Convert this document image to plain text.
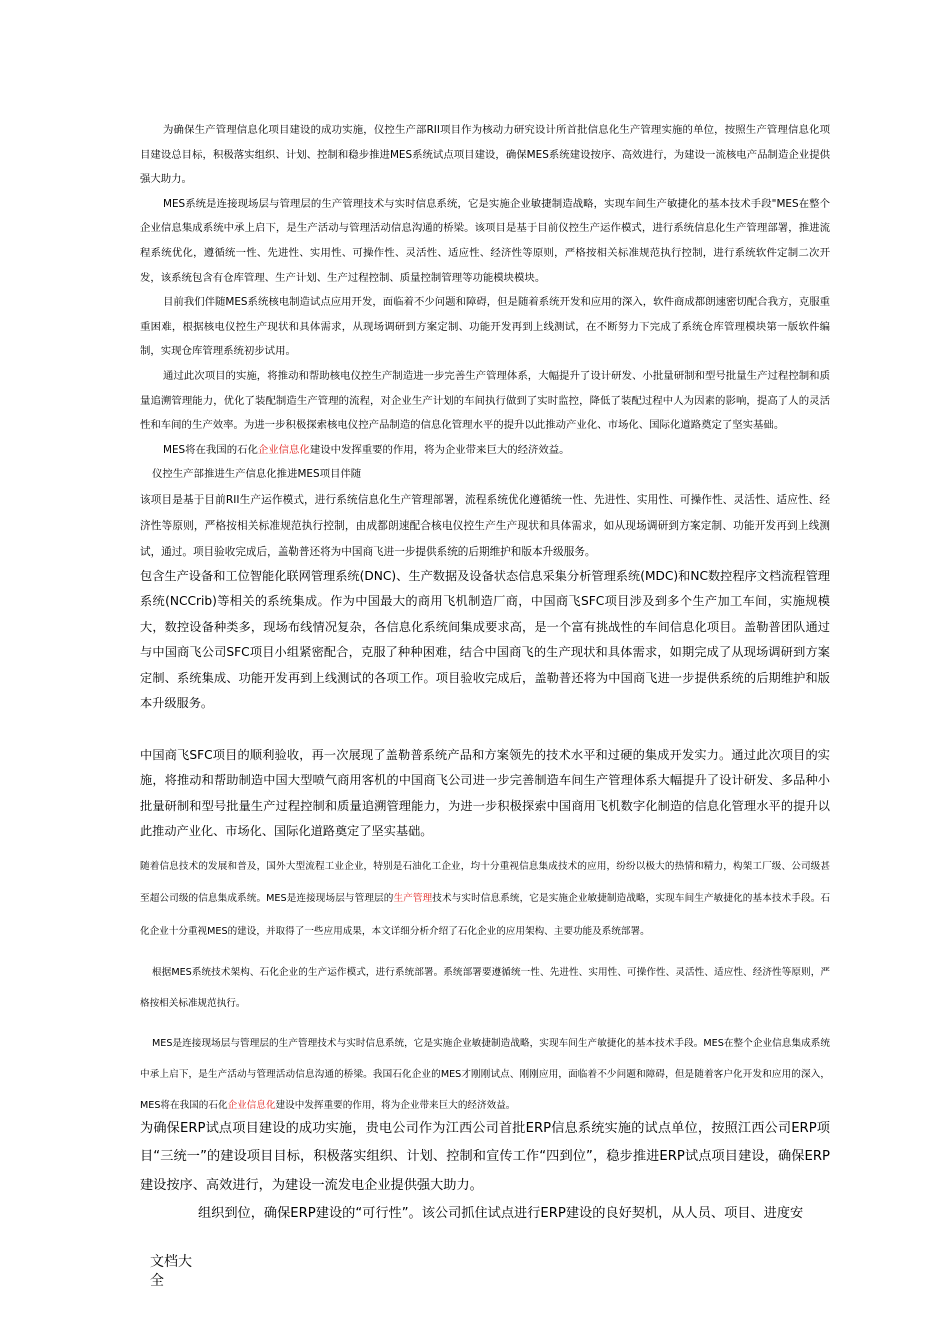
为确保生产管理信息化项目建设的成功实施，仪控生产部RII项目作为核动力研究设计所首批信息化生产管理实施的单位，按照生产管理信息化项目建设总目标，积极落实组织、计划、控制和稳步推进MES系统试点项目建设，确保MES系统建设按序、高效进行，为建设一流核电产品制造企业提供强大助力。

MES系统是连接现场层与管理层的生产管理技术与实时信息系统，它是实施企业敏捷制造战略，实现车间生产敏捷化的基本技术手段"MES在整个企业信息集成系统中承上启下，是生产活动与管理活动信息沟通的桥梁。该项目是基于目前仪控生产运作模式，进行系统信息化生产管理部署，推进流程系统优化，遵循统一性、先进性、实用性、可操作性、灵活性、适应性、经济性等原则，严格按相关标准规范执行控制，进行系统软件定制二次开发，该系统包含有仓库管理、生产计划、生产过程控制、质量控制管理等功能模块模块。

目前我们伴随MES系统核电制造试点应用开发，面临着不少问题和障碍，但是随着系统开发和应用的深入，软件商成都朗速密切配合我方，克服重重困难，根据核电仪控生产现状和具体需求，从现场调研到方案定制、功能开发再到上线测试，在不断努力下完成了系统仓库管理模块第一版软件编制，实现仓库管理系统初步试用。

通过此次项目的实施，将推动和帮助核电仪控生产制造进一步完善生产管理体系，大幅提升了设计研发、小批量研制和型号批量生产过程控制和质量追溯管理能力，优化了装配制造生产管理的流程，对企业生产计划的车间执行做到了实时监控，降低了装配过程中人为因素的影响，提高了人的灵活性和车间的生产效率。为进一步积极探索核电仪控产品制造的信息化管理水平的提升以此推动产业化、市场化、国际化道路奠定了坚实基础。

MES将在我国的石化企业信息化建设中发挥重要的作用，将为企业带来巨大的经济效益。

仪控生产部推进生产信息化推进MES项目伴随

该项目是基于目前RII生产运作模式，进行系统信息化生产管理部署，流程系统优化遵循统一性、先进性、实用性、可操作性、灵活性、适应性、经济性等原则，严格按相关标准规范执行控制，由成都朗速配合核电仪控生产生产现状和具体需求，如从现场调研到方案定制、功能开发再到上线测试，通过。项目验收完成后，盖勒普还将为中国商飞进一步提供系统的后期维护和版本升级服务。

包含生产设备和工位智能化联网管理系统(DNC)、生产数据及设备状态信息采集分析管理系统(MDC)和NC数控程序文档流程管理系统(NCCrib)等相关的系统集成。作为中国最大的商用飞机制造厂商，中国商飞SFC项目涉及到多个生产加工车间，实施规模大，数控设备种类多，现场布线情况复杂，各信息化系统间集成要求高，是一个富有挑战性的车间信息化项目。盖勒普团队通过与中国商飞公司SFC项目小组紧密配合，克服了种种困难，结合中国商飞的生产现状和具体需求，如期完成了从现场调研到方案定制、系统集成、功能开发再到上线测试的各项工作。项目验收完成后，盖勒普还将为中国商飞进一步提供系统的后期维护和版本升级服务。

中国商飞SFC项目的顺利验收，再一次展现了盖勒普系统产品和方案领先的技术水平和过硬的集成开发实力。通过此次项目的实施，将推动和帮助制造中国大型喷气商用客机的中国商飞公司进一步完善制造车间生产管理体系大幅提升了设计研发、多品种小批量研制和型号批量生产过程控制和质量追溯管理能力，为进一步积极探索中国商用飞机数字化制造的信息化管理水平的提升以此推动产业化、市场化、国际化道路奠定了坚实基础。

随着信息技术的发展和普及，国外大型流程工业企业，特别是石油化工企业，均十分重视信息集成技术的应用，纷纷以极大的热情和精力，构架工厂级、公司级甚至超公司级的信息集成系统。MES是连接现场层与管理层的生产管理技术与实时信息系统，它是实施企业敏捷制造战略，实现车间生产敏捷化的基本技术手段。石化企业十分重视MES的建设，并取得了一些应用成果，本文详细分析介绍了石化企业的应用架构、主要功能及系统部署。

根据MES系统技术架构、石化企业的生产运作模式，进行系统部署。系统部署要遵循统一性、先进性、实用性、可操作性、灵活性、适应性、经济性等原则，严格按相关标准规范执行。

MES是连接现场层与管理层的生产管理技术与实时信息系统，它是实施企业敏捷制造战略，实现车间生产敏捷化的基本技术手段。MES在整个企业信息集成系统中承上启下，是生产活动与管理活动信息沟通的桥梁。我国石化企业的MES才刚刚试点、刚刚应用，面临着不少问题和障碍，但是随着客户化开发和应用的深入，MES将在我国的石化企业信息化建设中发挥重要的作用，将为企业带来巨大的经济效益。

为确保ERP试点项目建设的成功实施，贵电公司作为江西公司首批ERP信息系统实施的试点单位，按照江西公司ERP项目“三统一”的建设项目目标，积极落实组织、计划、控制和宣传工作“四到位”，稳步推进ERP试点项目建设，确保ERP建设按序、高效进行，为建设一流发电企业提供强大助力。

组织到位，确保ERP建设的“可行性”。该公司抓住试点进行ERP建设的良好契机，从人员、项目、进度安

文档大全
